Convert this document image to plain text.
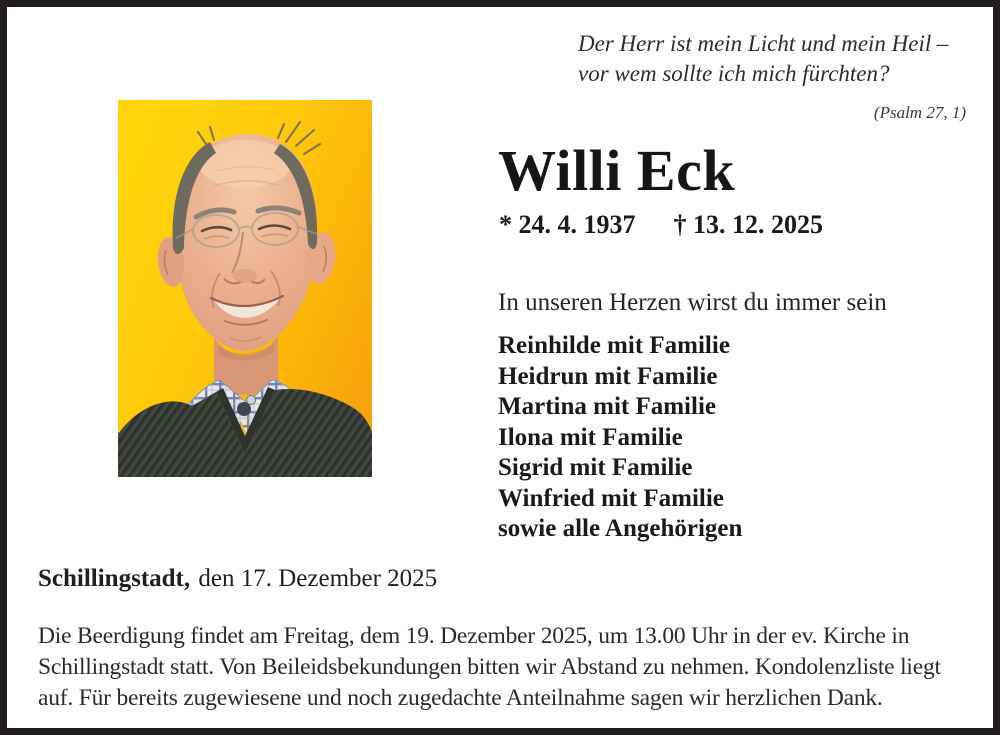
Der Herr ist mein Licht und mein Heil –
vor wem sollte ich mich fürchten?
(Psalm 27, 1)
Willi Eck
* 24. 4. 1937 † 13. 12. 2025
In unseren Herzen wirst du immer sein
Reinhilde mit Familie
Heidrun mit Familie
Martina mit Familie
Ilona mit Familie
Sigrid mit Familie
Winfried mit Familie
sowie alle Angehörigen
Schillingstadt, den 17. Dezember 2025
Die Beerdigung findet am Freitag, dem 19. Dezember 2025, um 13.00 Uhr in der ev. Kirche in
Schillingstadt statt. Von Beileidsbekundungen bitten wir Abstand zu nehmen. Kondolenzliste liegt
auf. Für bereits zugewiesene und noch zugedachte Anteilnahme sagen wir herzlichen Dank.
